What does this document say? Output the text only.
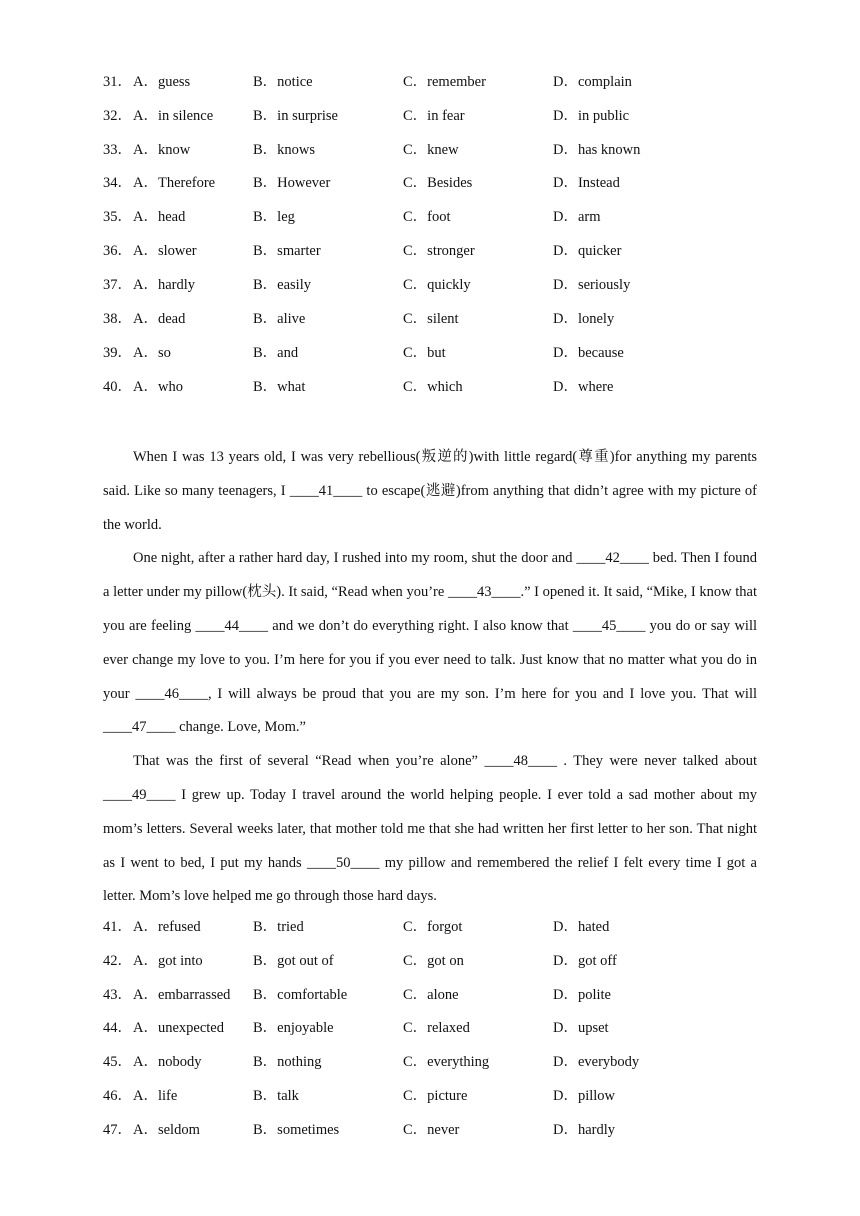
31． A．guess	B．notice	C．remember	D．complain
32． A．in silence	B．in surprise	C．in fear	D．in public
33． A．know	B．knows	C．knew	D．has known
34． A．Therefore	B．However	C．Besides	D．Instead
35． A．head	B．leg	C．foot	D．arm
36． A．slower	B．smarter	C．stronger	D．quicker
37． A．hardly	B．easily	C．quickly	D．seriously
38． A．dead	B．alive	C．silent	D．lonely
39． A．so	B．and	C．but	D．because
40． A．who	B．what	C．which	D．where

When I was 13 years old, I was very rebellious(叛逆的)with little regard(尊重)for anything my parents said. Like so many teenagers, I ____41____ to escape(逃避)from anything that didn’t agree with my picture of the world.

One night, after a rather hard day, I rushed into my room, shut the door and ____42____ bed. Then I found a letter under my pillow(枕头). It said, “Read when you’re ____43____.” I opened it. It said, “Mike, I know that you are feeling ____44____ and we don’t do everything right. I also know that ____45____ you do or say will ever change my love to you. I’m here for you if you ever need to talk. Just know that no matter what you do in your ____46____, I will always be proud that you are my son. I’m here for you and I love you. That will ____47____ change. Love, Mom.”

That was the first of several “Read when you’re alone” ____48____ . They were never talked about ____49____ I grew up. Today I travel around the world helping people. I ever told a sad mother about my mom’s letters. Several weeks later, that mother told me that she had written her first letter to her son. That night as I went to bed, I put my hands ____50____ my pillow and remembered the relief I felt every time I got a letter. Mom’s love helped me go through those hard days.

41． A．refused	B．tried	C．forgot	D．hated
42． A．got into	B．got out of	C．got on	D．got off
43． A．embarrassed B．comfortable	C．alone	D．polite
44． A．unexpected B．enjoyable	C．relaxed	D．upset
45． A．nobody	B．nothing	C．everything	D．everybody
46． A．life	B．talk	C．picture	D．pillow
47． A．seldom	B．sometimes	C．never	D．hardly
